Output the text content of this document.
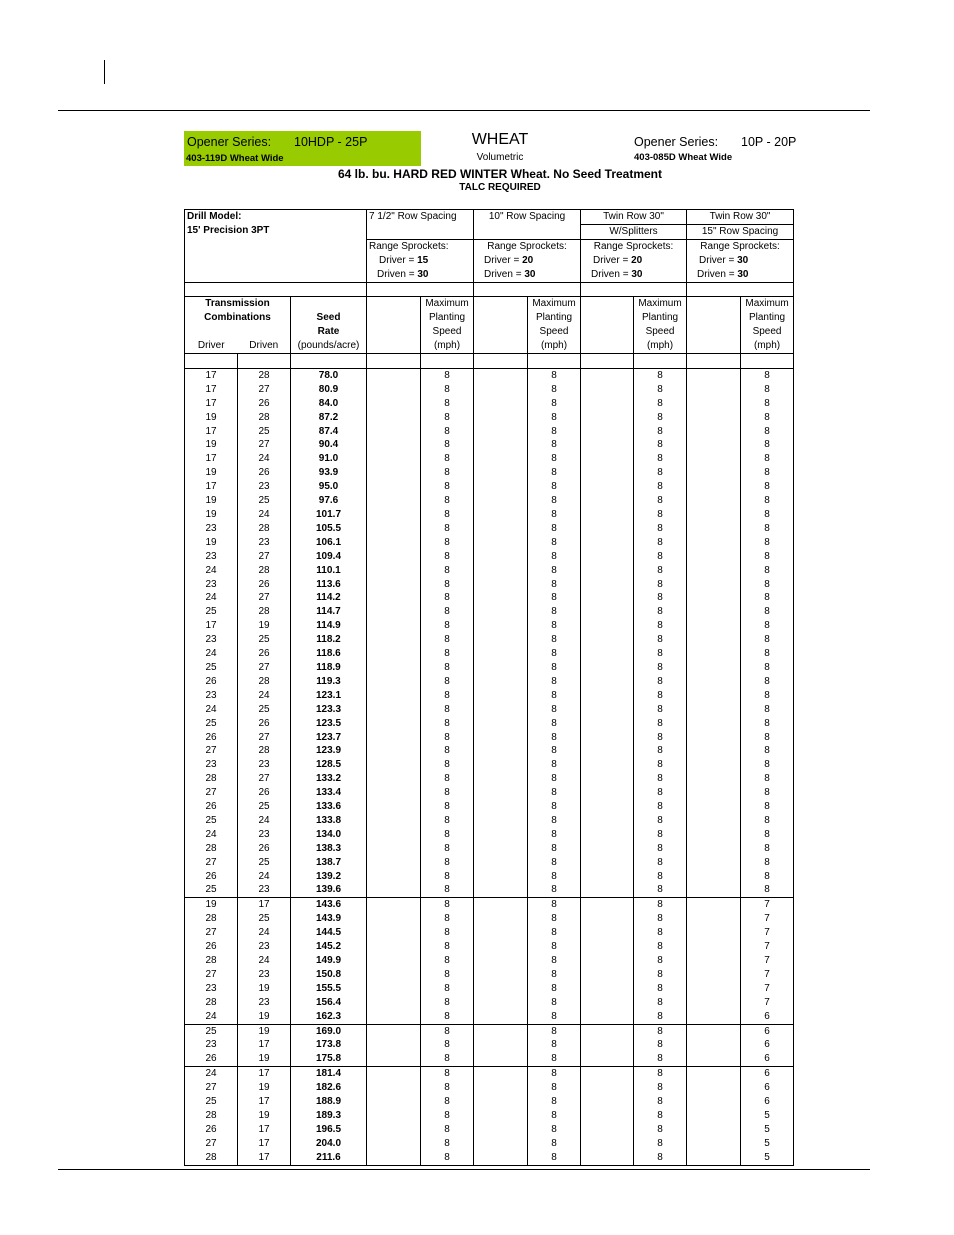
Opener Series: 10HDP - 25P
403-119D Wheat Wide
WHEAT
Volumetric
Opener Series: 10P - 20P
403-085D Wheat Wide
64 lb. bu. HARD RED WINTER Wheat. No Seed Treatment
TALC REQUIRED
Drill Model:
15' Precision 3PT			7 1/2" Row Spacing		10" Row Spacing		Twin Row 30"		Twin Row 30"	
							W/Splitters		15" Row Spacing	
			Range Sprockets:		Range Sprockets:		Range Sprockets:		Range Sprockets:	
			Driver = 15		Driver = 20		Driver = 20		Driver = 30	
			Driven = 30		Driven = 30		Driven = 30		Driven = 30	

Transmission
Combinations

Driver Driven		Seed
Rate
(pounds/acre)		Maximum
Planting
Speed
(mph)		Maximum
Planting
Speed
(mph)		Maximum
Planting
Speed
(mph)		Maximum
Planting
Speed
(mph)

17	28	78.0		8		8		8		8
17	27	80.9		8		8		8		8
17	26	84.0		8		8		8		8
19	28	87.2		8		8		8		8
17	25	87.4		8		8		8		8
19	27	90.4		8		8		8		8
17	24	91.0		8		8		8		8
19	26	93.9		8		8		8		8
17	23	95.0		8		8		8		8
19	25	97.6		8		8		8		8
19	24	101.7		8		8		8		8
23	28	105.5		8		8		8		8
19	23	106.1		8		8		8		8
23	27	109.4		8		8		8		8
24	28	110.1		8		8		8		8
23	26	113.6		8		8		8		8
24	27	114.2		8		8		8		8
25	28	114.7		8		8		8		8
17	19	114.9		8		8		8		8
23	25	118.2		8		8		8		8
24	26	118.6		8		8		8		8
25	27	118.9		8		8		8		8
26	28	119.3		8		8		8		8
23	24	123.1		8		8		8		8
24	25	123.3		8		8		8		8
25	26	123.5		8		8		8		8
26	27	123.7		8		8		8		8
27	28	123.9		8		8		8		8
23	23	128.5		8		8		8		8
28	27	133.2		8		8		8		8
27	26	133.4		8		8		8		8
26	25	133.6		8		8		8		8
25	24	133.8		8		8		8		8
24	23	134.0		8		8		8		8
28	26	138.3		8		8		8		8
27	25	138.7		8		8		8		8
26	24	139.2		8		8		8		8
25	23	139.6		8		8		8		8
19	17	143.6		8		8		8		7
28	25	143.9		8		8		8		7
27	24	144.5		8		8		8		7
26	23	145.2		8		8		8		7
28	24	149.9		8		8		8		7
27	23	150.8		8		8		8		7
23	19	155.5		8		8		8		7
28	23	156.4		8		8		8		7
24	19	162.3		8		8		8		6
25	19	169.0		8		8		8		6
23	17	173.8		8		8		8		6
26	19	175.8		8		8		8		6
24	17	181.4		8		8		8		6
27	19	182.6		8		8		8		6
25	17	188.9		8		8		8		6
28	19	189.3		8		8		8		5
26	17	196.5		8		8		8		5
27	17	204.0		8		8		8		5
28	17	211.6		8		8		8		5
